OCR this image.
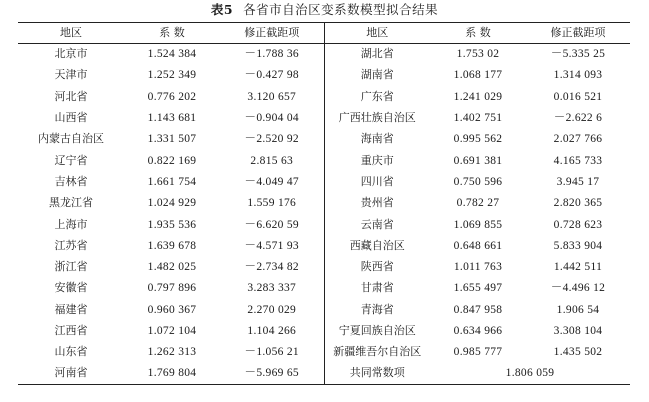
表5 各省市自治区变系数模型拟合结果
地区	系 数	修正截距项	地区	系 数	修正截距项
北京市	1.524 384	－1.788 36	湖北省	1.753 02	－5.335 25
天津市	1.252 349	－0.427 98	湖南省	1.068 177	1.314 093
河北省	0.776 202	3.120 657	广东省	1.241 029	0.016 521
山西省	1.143 681	－0.904 04	广西壮族自治区	1.402 751	－2.622 6
内蒙古自治区	1.331 507	－2.520 92	海南省	0.995 562	2.027 766
辽宁省	0.822 169	2.815 63	重庆市	0.691 381	4.165 733
吉林省	1.661 754	－4.049 47	四川省	0.750 596	3.945 17
黑龙江省	1.024 929	1.559 176	贵州省	0.782 27	2.820 365
上海市	1.935 536	－6.620 59	云南省	1.069 855	0.728 623
江苏省	1.639 678	－4.571 93	西藏自治区	0.648 661	5.833 904
浙江省	1.482 025	－2.734 82	陕西省	1.011 763	1.442 511
安徽省	0.797 896	3.283 337	甘肃省	1.655 497	－4.496 12
福建省	0.960 367	2.270 029	青海省	0.847 958	1.906 54
江西省	1.072 104	1.104 266	宁夏回族自治区	0.634 966	3.308 104
山东省	1.262 313	－1.056 21	新疆维吾尔自治区	0.985 777	1.435 502
河南省	1.769 804	－5.969 65	共同常数项	1.806 059	
